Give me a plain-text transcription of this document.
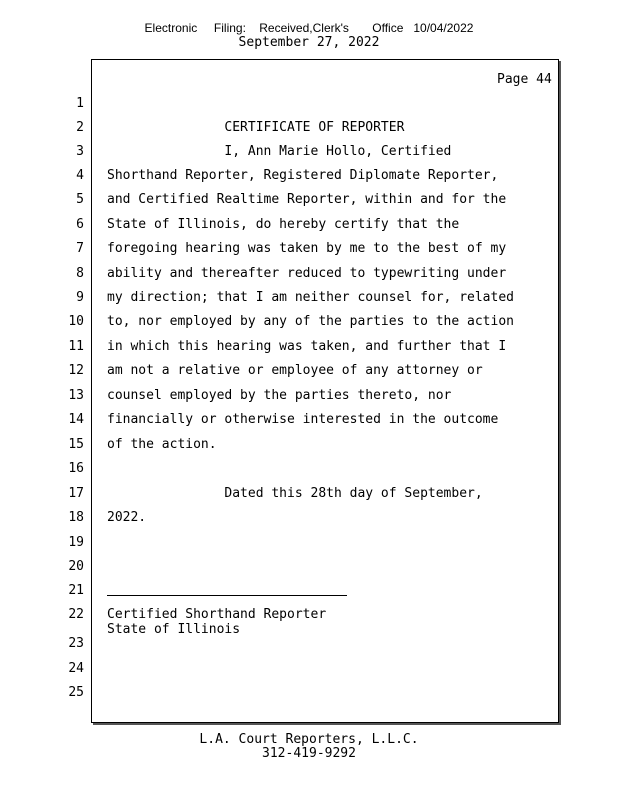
Electronic     Filing:    Received,Clerk's       Office   10/04/2022
September 27, 2022
Page 44
1
2
3
4
5
6
7
8
9
10
11
12
13
14
15
16
17
18
19
20
21
22
23
24
25
CERTIFICATE OF REPORTER
I, Ann Marie Hollo, Certified
Shorthand Reporter, Registered Diplomate Reporter,
and Certified Realtime Reporter, within and for the
State of Illinois, do hereby certify that the
foregoing hearing was taken by me to the best of my
ability and thereafter reduced to typewriting under
my direction; that I am neither counsel for, related
to, nor employed by any of the parties to the action
in which this hearing was taken, and further that I
am not a relative or employee of any attorney or
counsel employed by the parties thereto, nor
financially or otherwise interested in the outcome
of the action.
Dated this 28th day of September,
2022.
Certified Shorthand Reporter
State of Illinois
L.A. Court Reporters, L.L.C.
312-419-9292
